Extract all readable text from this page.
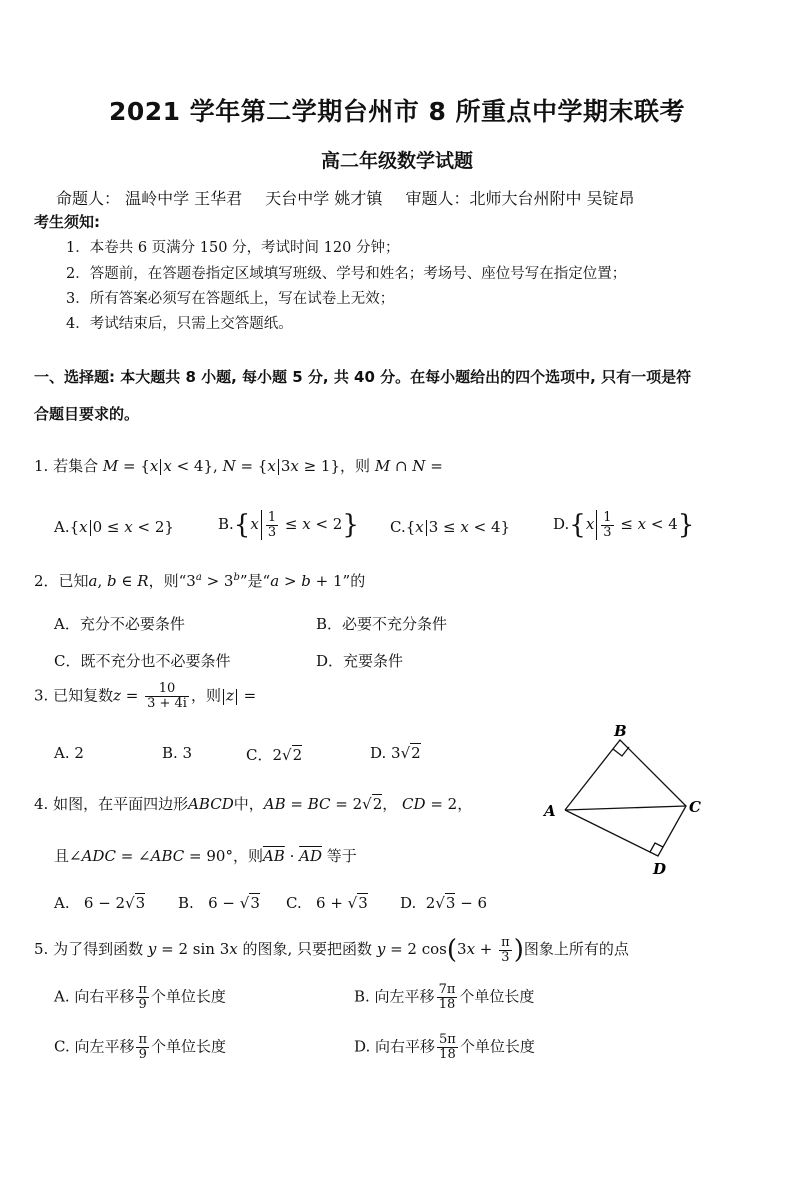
2021 学年第二学期台州市 8 所重点中学期末联考
高二年级数学试题
命题人： 温岭中学 王华君 天台中学 姚才镇 审题人：北师大台州附中 吴锭昂
考生须知:
1．本卷共 6 页满分 150 分，考试时间 120 分钟；
2．答题前，在答题卷指定区域填写班级、学号和姓名；考场号、座位号写在指定位置；
3．所有答案必须写在答题纸上，写在试卷上无效；
4．考试结束后，只需上交答题纸。
一、选择题: 本大题共 8 小题, 每小题 5 分, 共 40 分。在每小题给出的四个选项中, 只有一项是符
合题目要求的。
1. 若集合 M = {x x < 4}, N = {x 3x ≥ 1}，则 M ∩ N =
A.{x 0 ≤ x < 2}	$B.\{x \frac{1}{3} \le x < 2\}$ C.{x 3 ≤ x < 4}	$D.\{x \frac{1}{3} \le x < 4\}$
2．已知a, b ∈ R，则“$3^a > 3^b$”是“a > b + 1”的
A．充分不必要条件	B．必要不充分条件
C．既不充分也不必要条件	D．充要条件
3. 已知复数$z = \frac{10}{3 + 4i}$ ，则 z =
A. 2	B. 3	C．2√2	D. 3√2
4. 如图，在平面四边形ABCD中，AB = BC = 2√2， CD = 2，
且∠ADC = ∠ABC = 90°，则$\overline{AB} \cdot \overline{AD}$ 等于
A.   6 − 2√3 B.   6 − √3 C.   6 + √3 D.  2√3 − 6
B
A	C
D
5. 为了得到函数 y = 2 sin 3x 的图象, 只要把函数 y = 2 $\cos(3x + \frac{\pi}{3}$ )图象上所有的点
A. 向右平移 $\frac{\pi}{9}$ 个单位长度	B. 向左平移 $\frac{7\pi}{18}$ 个单位长度
C. 向左平移 $\frac{\pi}{9}$ 个单位长度	D. 向右平移 $\frac{5\pi}{18}$ 个单位长度
